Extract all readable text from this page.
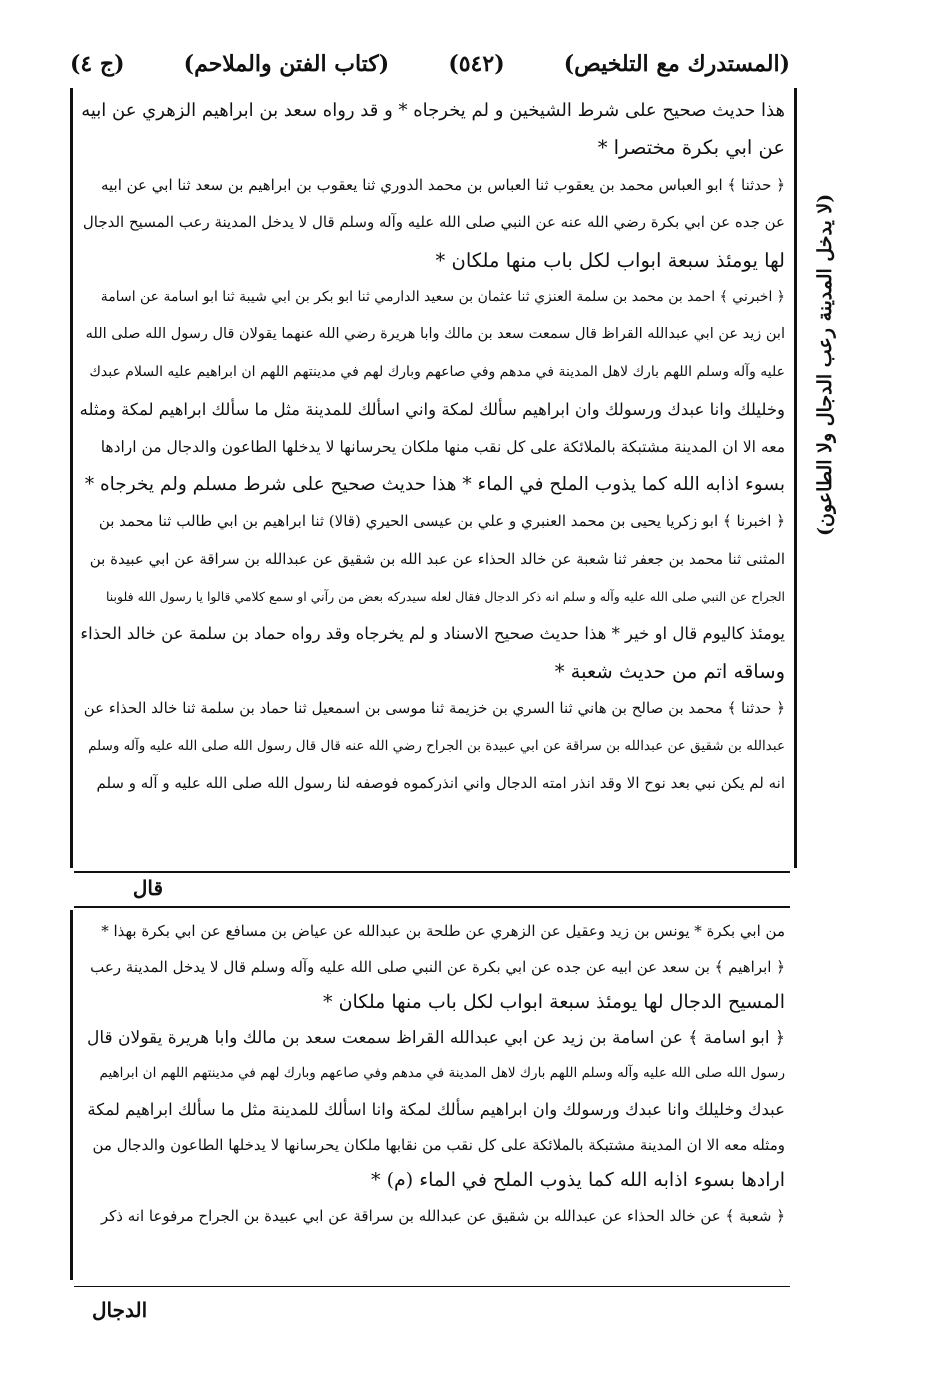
(المستدرك مع التلخيص)
(٥٤٢)
(كتاب الفتن والملاحم)
(ج ٤)
(لا يدخل المدينة رعب الدجال ولا الطاعون)
هذا حديث صحيح على شرط الشيخين و لم يخرجاه * و قد رواه سعد بن ابراهيم الزهري عن ابيه
عن ابي بكرة مختصرا *
﴿ حدثنا ﴾ ابو العباس محمد بن يعقوب ثنا العباس بن محمد الدوري ثنا يعقوب بن ابراهيم بن سعد ثنا ابي عن ابيه
عن جده عن ابي بكرة رضي الله عنه عن النبي صلى الله عليه وآله وسلم قال لا يدخل المدينة رعب المسيح الدجال
لها يومئذ سبعة ابواب لكل باب منها ملكان *
﴿ اخبرني ﴾ احمد بن محمد بن سلمة العنزي ثنا عثمان بن سعيد الدارمي ثنا ابو بكر بن ابي شيبة ثنا ابو اسامة عن اسامة
ابن زيد عن ابي عبدالله القراظ قال سمعت سعد بن مالك وابا هريرة رضي الله عنهما يقولان قال رسول الله صلى الله
عليه وآله وسلم اللهم بارك لاهل المدينة في مدهم وفي صاعهم وبارك لهم في مدينتهم اللهم ان ابراهيم عليه السلام عبدك
وخليلك وانا عبدك ورسولك وان ابراهيم سألك لمكة واني اسألك للمدينة مثل ما سألك ابراهيم لمكة ومثله
معه الا ان المدينة مشتبكة بالملائكة على كل نقب منها ملكان يحرسانها لا يدخلها الطاعون والدجال من ارادها
بسوء اذابه الله كما يذوب الملح في الماء * هذا حديث صحيح على شرط مسلم ولم يخرجاه *
﴿ اخبرنا ﴾ ابو زكريا يحيى بن محمد العنبري و علي بن عيسى الحيري (قالا) ثنا ابراهيم بن ابي طالب ثنا محمد بن
المثنى ثنا محمد بن جعفر ثنا شعبة عن خالد الحذاء عن عبد الله بن شقيق عن عبدالله بن سراقة عن ابي عبيدة بن
الجراح عن النبي صلى الله عليه وآله و سلم انه ذكر الدجال فقال لعله سيدركه بعض من رآني او سمع كلامي قالوا يا رسول الله فلوبنا
يومئذ كاليوم قال او خير * هذا حديث صحيح الاسناد و لم يخرجاه وقد رواه حماد بن سلمة عن خالد الحذاء
وساقه اتم من حديث شعبة *
﴿ حدثنا ﴾ محمد بن صالح بن هاني ثنا السري بن خزيمة ثنا موسى بن اسمعيل ثنا حماد بن سلمة ثنا خالد الحذاء عن
عبدالله بن شقيق عن عبدالله بن سراقة عن ابي عبيدة بن الجراح رضي الله عنه قال قال رسول الله صلى الله عليه وآله وسلم
انه لم يكن نبي بعد نوح الا وقد انذر امته الدجال واني انذركموه فوصفه لنا رسول الله صلى الله عليه و آله و سلم
قال
من ابي بكرة * يونس بن زيد وعقيل عن الزهري عن طلحة بن عبدالله عن عياض بن مسافع عن ابي بكرة بهذا *
﴿ ابراهيم ﴾ بن سعد عن ابيه عن جده عن ابي بكرة عن النبي صلى الله عليه وآله وسلم قال لا يدخل المدينة رعب
المسيح الدجال لها يومئذ سبعة ابواب لكل باب منها ملكان *
﴿ ابو اسامة ﴾ عن اسامة بن زيد عن ابي عبدالله القراظ سمعت سعد بن مالك وابا هريرة يقولان قال
رسول الله صلى الله عليه وآله وسلم اللهم بارك لاهل المدينة في مدهم وفي صاعهم وبارك لهم في مدينتهم اللهم ان ابراهيم
عبدك وخليلك وانا عبدك ورسولك وان ابراهيم سألك لمكة وانا اسألك للمدينة مثل ما سألك ابراهيم لمكة
ومثله معه الا ان المدينة مشتبكة بالملائكة على كل نقب من نقابها ملكان يحرسانها لا يدخلها الطاعون والدجال من
ارادها بسوء اذابه الله كما يذوب الملح في الماء (م) *
﴿ شعبة ﴾ عن خالد الحذاء عن عبدالله بن شقيق عن عبدالله بن سراقة عن ابي عبيدة بن الجراح مرفوعا انه ذكر
الدجال
